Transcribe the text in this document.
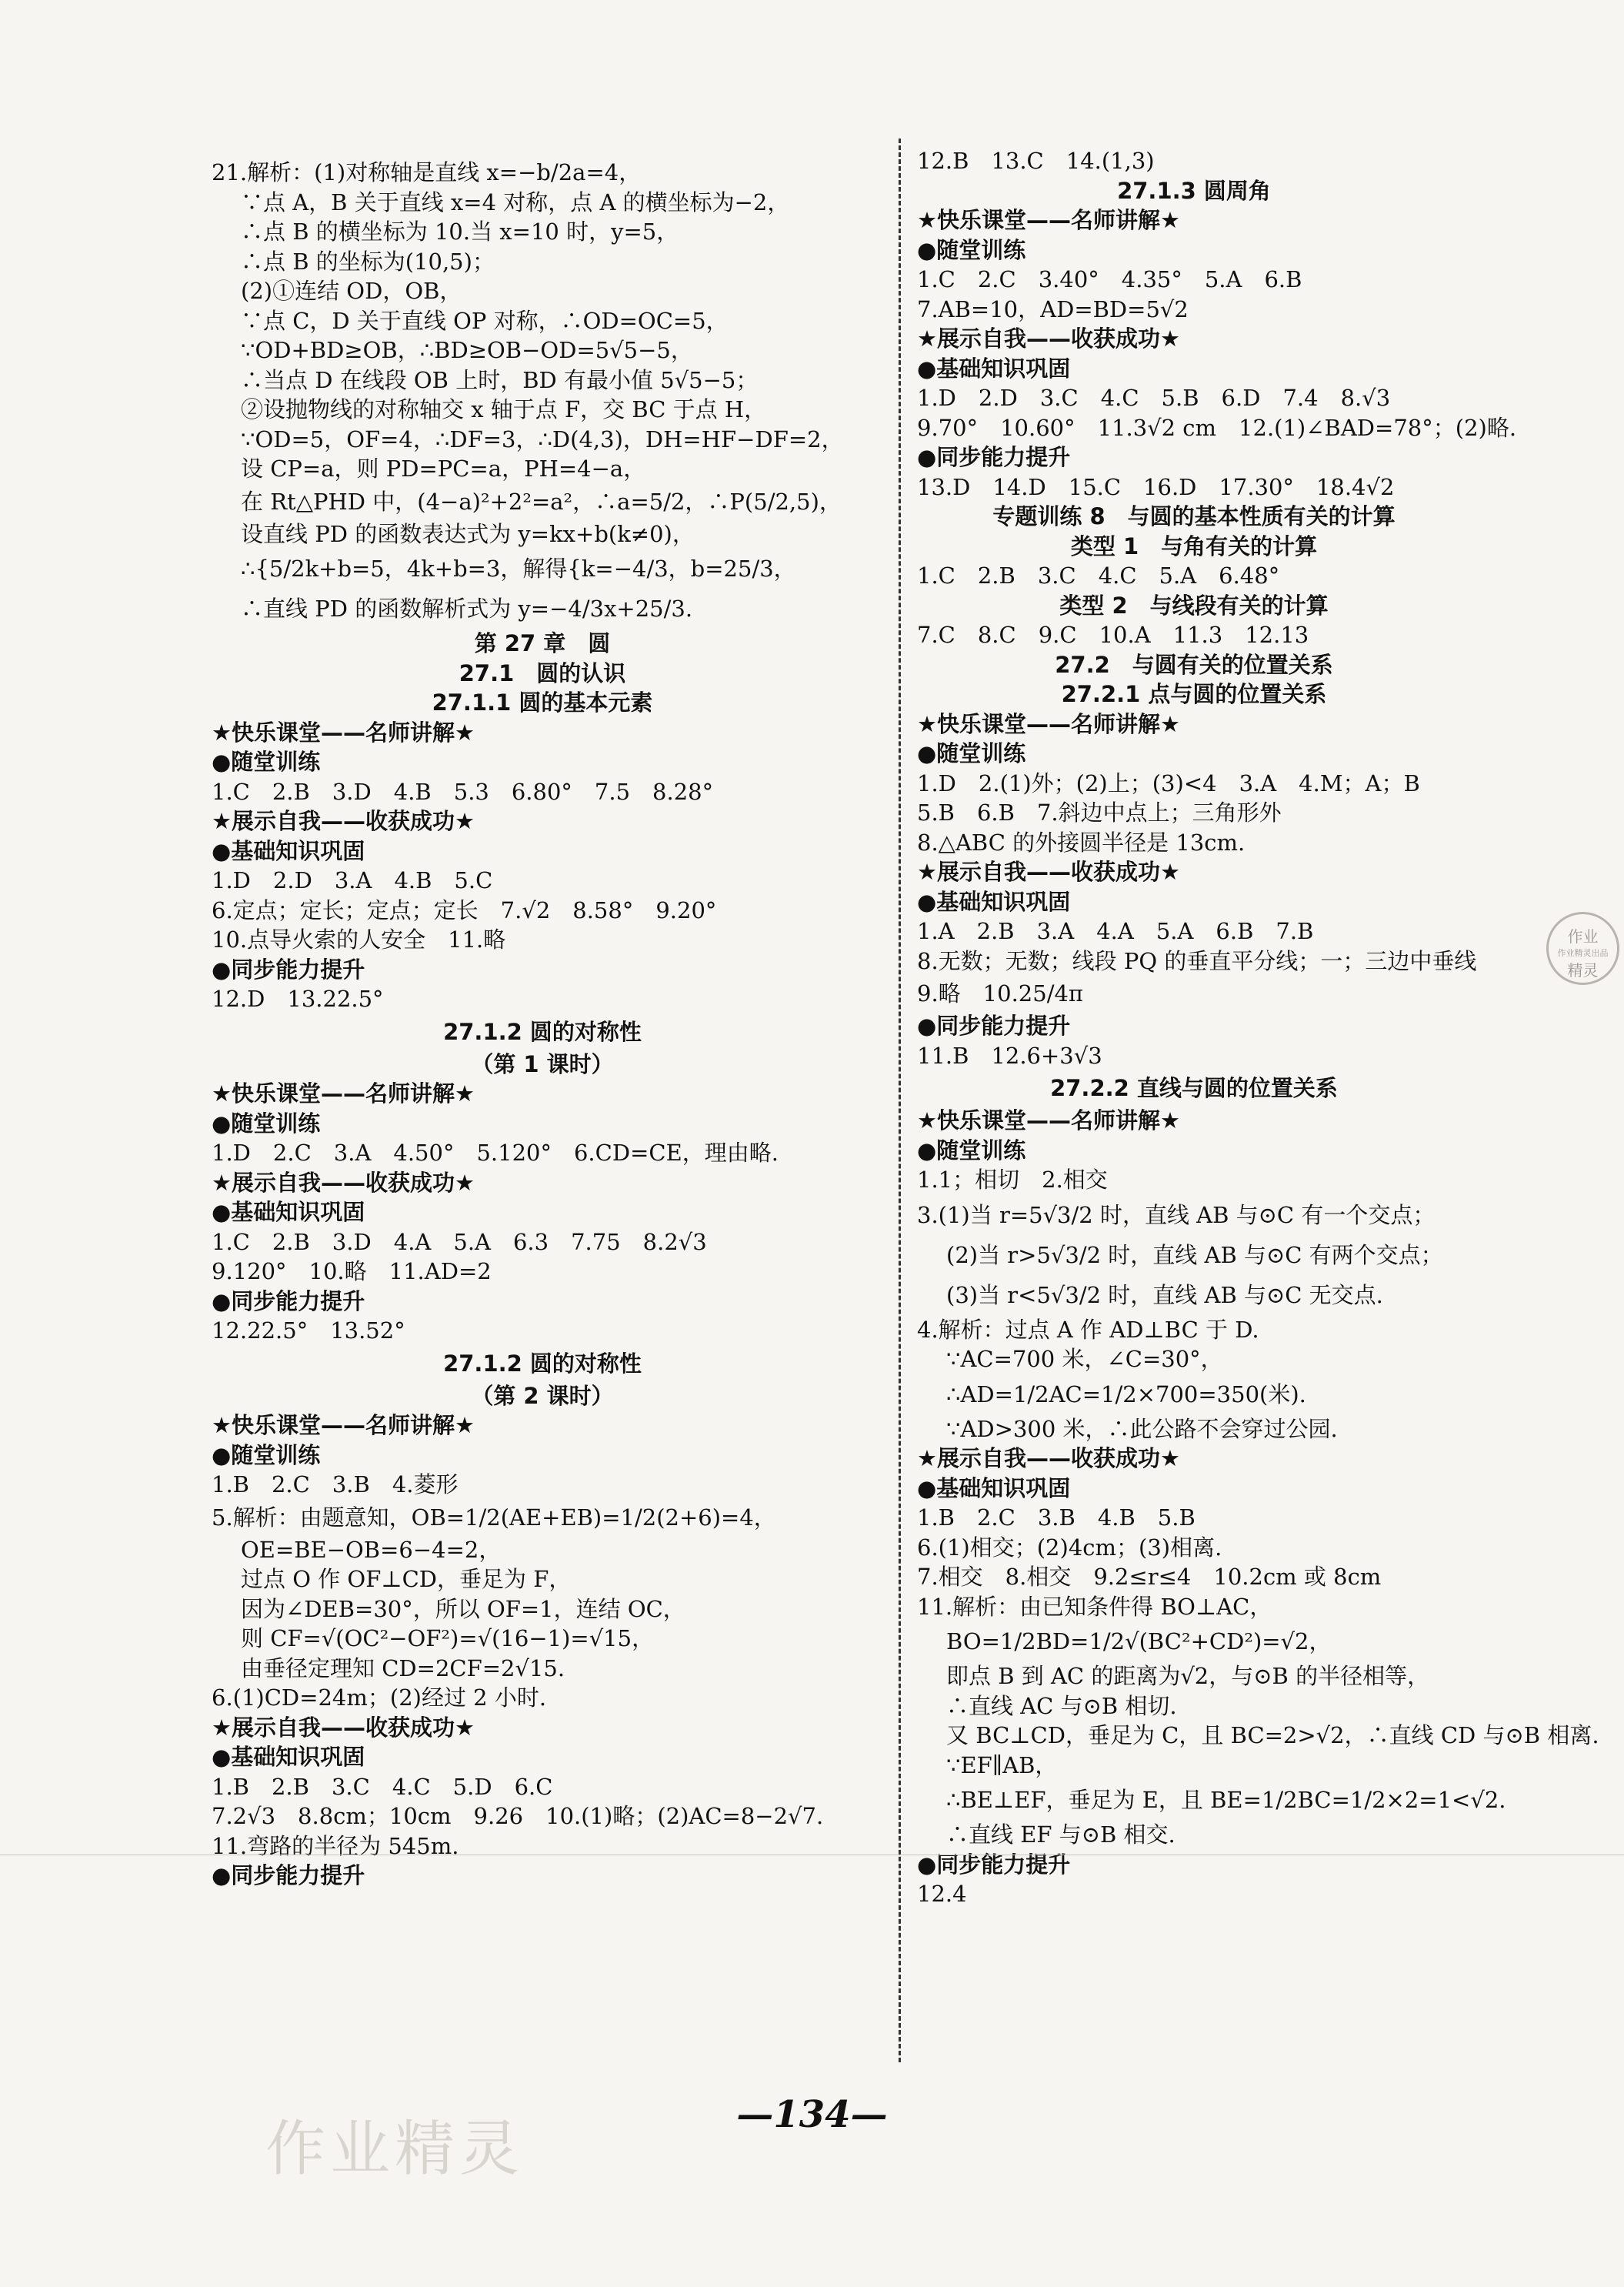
21.解析：(1)对称轴是直线 x=−b/2a=4，
∵点 A，B 关于直线 x=4 对称，点 A 的横坐标为−2，
∴点 B 的横坐标为 10.当 x=10 时，y=5，
∴点 B 的坐标为(10,5)；
(2)①连结 OD，OB，
∵点 C，D 关于直线 OP 对称，∴OD=OC=5，
∵OD+BD≥OB，∴BD≥OB−OD=5√5−5，
∴当点 D 在线段 OB 上时，BD 有最小值 5√5−5；
②设抛物线的对称轴交 x 轴于点 F，交 BC 于点 H，
∵OD=5，OF=4，∴DF=3，∴D(4,3)，DH=HF−DF=2，
设 CP=a，则 PD=PC=a，PH=4−a，
在 Rt△PHD 中，(4−a)²+2²=a²，∴a=5/2，∴P(5/2,5)，
设直线 PD 的函数表达式为 y=kx+b(k≠0)，
∴{5/2k+b=5，4k+b=3，解得{k=−4/3，b=25/3，
∴直线 PD 的函数解析式为 y=−4/3x+25/3.
第 27 章　圆
27.1　圆的认识
27.1.1 圆的基本元素
★快乐课堂——名师讲解★
●随堂训练
1.C　2.B　3.D　4.B　5.3　6.80°　7.5　8.28°
★展示自我——收获成功★
●基础知识巩固
1.D　2.D　3.A　4.B　5.C
6.定点；定长；定点；定长　7.√2　8.58°　9.20°
10.点导火索的人安全　11.略
●同步能力提升
12.D　13.22.5°
27.1.2 圆的对称性
（第 1 课时）
★快乐课堂——名师讲解★
●随堂训练
1.D　2.C　3.A　4.50°　5.120°　6.CD=CE，理由略.
★展示自我——收获成功★
●基础知识巩固
1.C　2.B　3.D　4.A　5.A　6.3　7.75　8.2√3
9.120°　10.略　11.AD=2
●同步能力提升
12.22.5°　13.52°
27.1.2 圆的对称性
（第 2 课时）
★快乐课堂——名师讲解★
●随堂训练
1.B　2.C　3.B　4.菱形
5.解析：由题意知，OB=1/2(AE+EB)=1/2(2+6)=4，
OE=BE−OB=6−4=2，
过点 O 作 OF⊥CD，垂足为 F，
因为∠DEB=30°，所以 OF=1，连结 OC，
则 CF=√(OC²−OF²)=√(16−1)=√15，
由垂径定理知 CD=2CF=2√15.
6.(1)CD=24m；(2)经过 2 小时.
★展示自我——收获成功★
●基础知识巩固
1.B　2.B　3.C　4.C　5.D　6.C
7.2√3　8.8cm；10cm　9.26　10.(1)略；(2)AC=8−2√7.
11.弯路的半径为 545m.
●同步能力提升
12.B　13.C　14.(1,3)
27.1.3 圆周角
★快乐课堂——名师讲解★
●随堂训练
1.C　2.C　3.40°　4.35°　5.A　6.B
7.AB=10，AD=BD=5√2
★展示自我——收获成功★
●基础知识巩固
1.D　2.D　3.C　4.C　5.B　6.D　7.4　8.√3
9.70°　10.60°　11.3√2 cm　12.(1)∠BAD=78°；(2)略.
●同步能力提升
13.D　14.D　15.C　16.D　17.30°　18.4√2
专题训练 8　与圆的基本性质有关的计算
类型 1　与角有关的计算
1.C　2.B　3.C　4.C　5.A　6.48°
类型 2　与线段有关的计算
7.C　8.C　9.C　10.A　11.3　12.13
27.2　与圆有关的位置关系
27.2.1 点与圆的位置关系
★快乐课堂——名师讲解★
●随堂训练
1.D　2.(1)外；(2)上；(3)<4　3.A　4.M；A；B
5.B　6.B　7.斜边中点上；三角形外
8.△ABC 的外接圆半径是 13cm.
★展示自我——收获成功★
●基础知识巩固
1.A　2.B　3.A　4.A　5.A　6.B　7.B
8.无数；无数；线段 PQ 的垂直平分线；一；三边中垂线
9.略　10.25/4π
●同步能力提升
11.B　12.6+3√3
27.2.2 直线与圆的位置关系
★快乐课堂——名师讲解★
●随堂训练
1.1；相切　2.相交
3.(1)当 r=5√3/2 时，直线 AB 与⊙C 有一个交点；
(2)当 r>5√3/2 时，直线 AB 与⊙C 有两个交点；
(3)当 r<5√3/2 时，直线 AB 与⊙C 无交点.
4.解析：过点 A 作 AD⊥BC 于 D.
∵AC=700 米，∠C=30°，
∴AD=1/2AC=1/2×700=350(米).
∵AD>300 米，∴此公路不会穿过公园.
★展示自我——收获成功★
●基础知识巩固
1.B　2.C　3.B　4.B　5.B
6.(1)相交；(2)4cm；(3)相离.
7.相交　8.相交　9.2≤r≤4　10.2cm 或 8cm
11.解析：由已知条件得 BO⊥AC，
BO=1/2BD=1/2√(BC²+CD²)=√2，
即点 B 到 AC 的距离为√2，与⊙B 的半径相等，
∴直线 AC 与⊙B 相切.
又 BC⊥CD，垂足为 C，且 BC=2>√2，∴直线 CD 与⊙B 相离.
∵EF∥AB，
∴BE⊥EF，垂足为 E，且 BE=1/2BC=1/2×2=1<√2.
∴直线 EF 与⊙B 相交.
●同步能力提升
12.4
作业
作业精灵出品
精灵
—134—
作业精灵
